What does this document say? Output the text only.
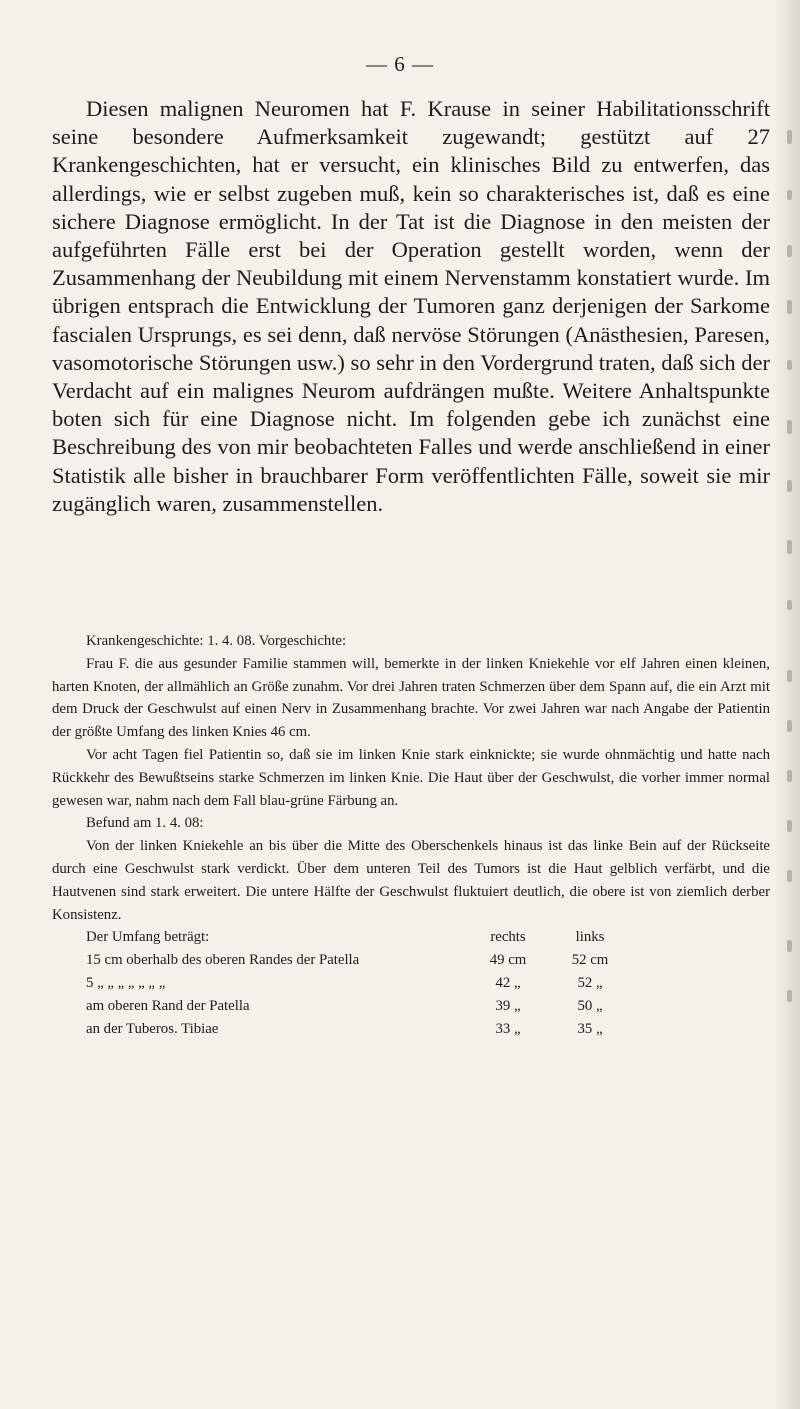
— 6 —

Diesen malignen Neuromen hat F. Krause in seiner Habilitationsschrift seine besondere Aufmerksamkeit zugewandt; gestützt auf 27 Krankengeschichten, hat er versucht, ein klinisches Bild zu entwerfen, das allerdings, wie er selbst zugeben muß, kein so charakterisches ist, daß es eine sichere Diagnose ermöglicht. In der Tat ist die Diagnose in den meisten der aufgeführten Fälle erst bei der Operation gestellt worden, wenn der Zusammenhang der Neubildung mit einem Nervenstamm konstatiert wurde. Im übrigen entsprach die Entwicklung der Tumoren ganz derjenigen der Sarkome fascialen Ursprungs, es sei denn, daß nervöse Störungen (Anästhesien, Paresen, vasomotorische Störungen usw.) so sehr in den Vordergrund traten, daß sich der Verdacht auf ein malignes Neurom aufdrängen mußte. Weitere Anhaltspunkte boten sich für eine Diagnose nicht. Im folgenden gebe ich zunächst eine Beschreibung des von mir beobachteten Falles und werde anschließend in einer Statistik alle bisher in brauchbarer Form veröffentlichten Fälle, soweit sie mir zugänglich waren, zusammenstellen.

Krankengeschichte: 1. 4. 08. Vorgeschichte:

Frau F. die aus gesunder Familie stammen will, bemerkte in der linken Kniekehle vor elf Jahren einen kleinen, harten Knoten, der allmählich an Größe zunahm. Vor drei Jahren traten Schmerzen über dem Spann auf, die ein Arzt mit dem Druck der Geschwulst auf einen Nerv in Zusammenhang brachte. Vor zwei Jahren war nach Angabe der Patientin der größte Umfang des linken Knies 46 cm.

Vor acht Tagen fiel Patientin so, daß sie im linken Knie stark einknickte; sie wurde ohnmächtig und hatte nach Rückkehr des Bewußtseins starke Schmerzen im linken Knie. Die Haut über der Geschwulst, die vorher immer normal gewesen war, nahm nach dem Fall blau-grüne Färbung an.

Befund am 1. 4. 08:

Von der linken Kniekehle an bis über die Mitte des Oberschenkels hinaus ist das linke Bein auf der Rückseite durch eine Geschwulst stark verdickt. Über dem unteren Teil des Tumors ist die Haut gelblich verfärbt, und die Hautvenen sind stark erweitert. Die untere Hälfte der Geschwulst fluktuiert deutlich, die obere ist von ziemlich derber Konsistenz.

Der Umfang beträgt:	rechts	links
15 cm oberhalb des oberen Randes der Patella	49 cm	52 cm
5 „ „ „ „ „ „ „	42 „	52 „
am oberen Rand der Patella	39 „	50 „
an der Tuberos. Tibiae	33 „	35 „
